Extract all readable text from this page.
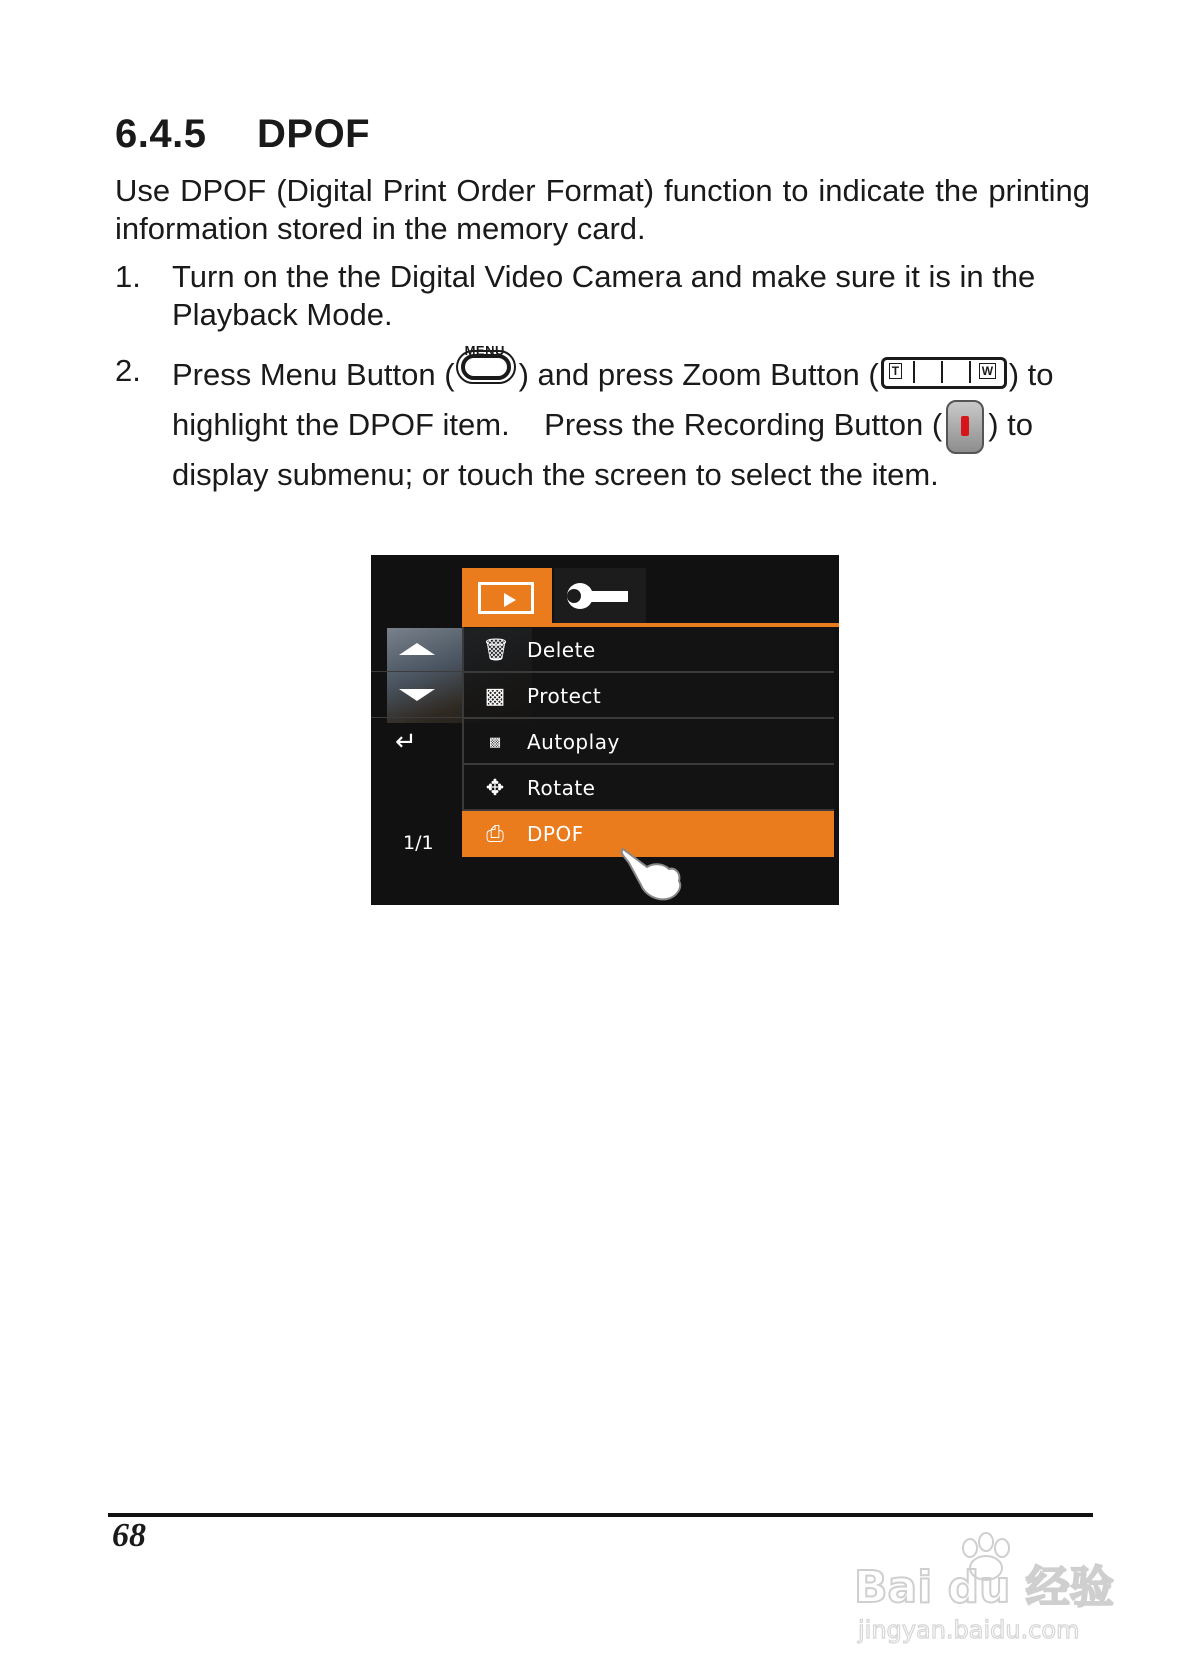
6.4.5 DPOF
Use DPOF (Digital Print Order Format) function to indicate the printing information stored in the memory card.
1. Turn on the the Digital Video Camera and make sure it is in the Playback Mode.
2. Press Menu Button (
MENU
) and press Zoom Button ( T	W ) to
highlight the DPOF item.    Press the Recording Button ( ) to
display submenu; or touch the screen to select the item.
↵
1/1
🗑 Delete
▩ Protect
▩	Autoplay
✥ Rotate
⎙ DPOF
68
Bai du 经验
jingyan.baidu.com
